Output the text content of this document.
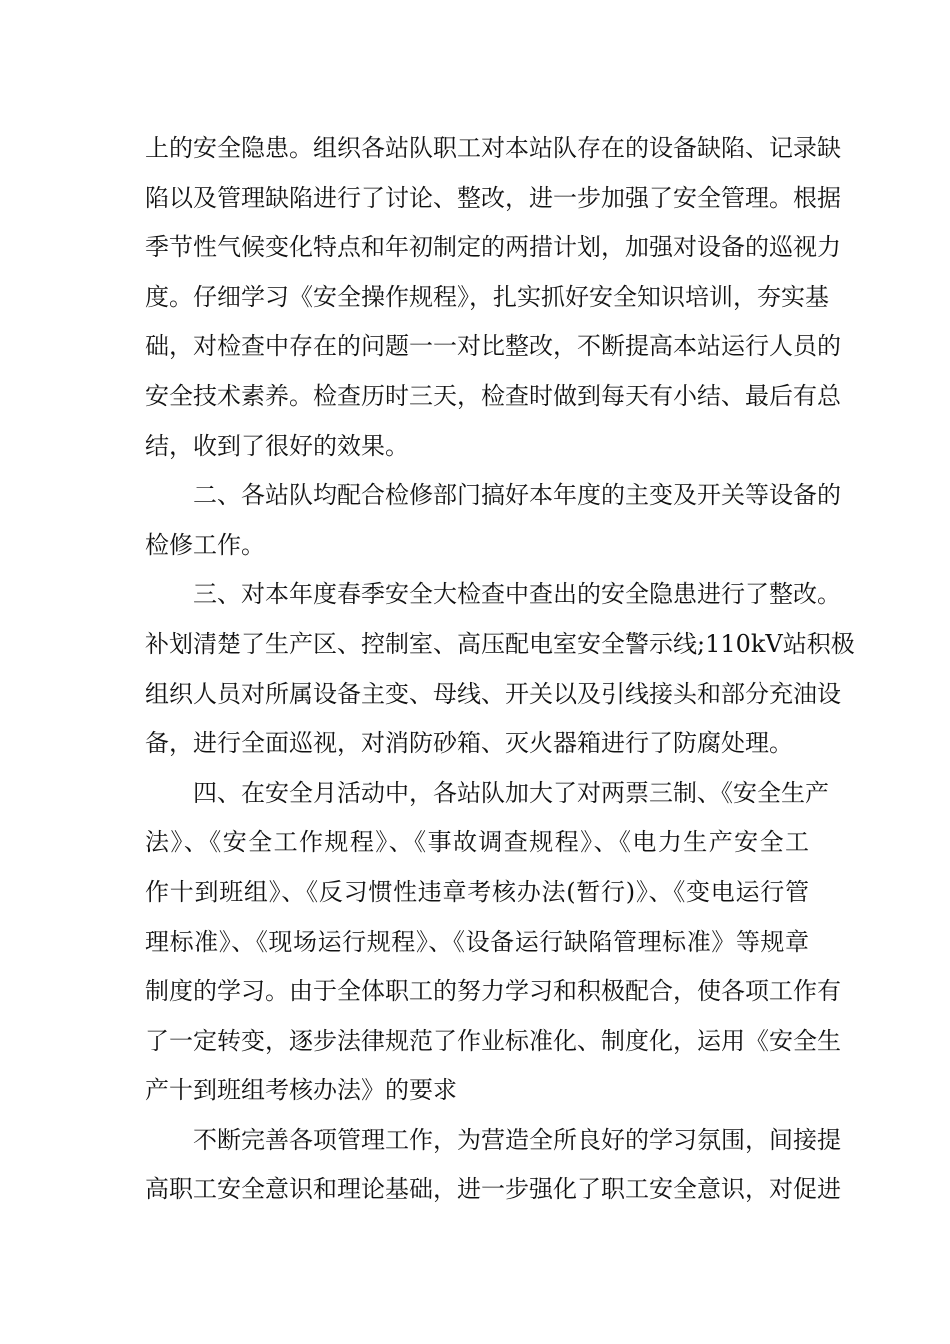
上的安全隐患。组织各站队职工对本站队存在的设备缺陷、记录缺
陷以及管理缺陷进行了讨论、整改，进一步加强了安全管理。根据
季节性气候变化特点和年初制定的两措计划，加强对设备的巡视力
度。仔细学习《安全操作规程》，扎实抓好安全知识培训，夯实基
础，对检查中存在的问题一一对比整改，不断提高本站运行人员的
安全技术素养。检查历时三天，检查时做到每天有小结、最后有总
结，收到了很好的效果。
二、各站队均配合检修部门搞好本年度的主变及开关等设备的
检修工作。
三、对本年度春季安全大检查中查出的安全隐患进行了整改。
补划清楚了生产区、控制室、高压配电室安全警示线;110kV站积极
组织人员对所属设备主变、母线、开关以及引线接头和部分充油设
备，进行全面巡视，对消防砂箱、灭火器箱进行了防腐处理。
四、在安全月活动中，各站队加大了对两票三制、《安全生产
法》、《安全工作规程》、《事故调查规程》、《电力生产安全工
作十到班组》、《反习惯性违章考核办法(暂行)》、《变电运行管
理标准》、《现场运行规程》、《设备运行缺陷管理标准》等规章
制度的学习。由于全体职工的努力学习和积极配合，使各项工作有
了一定转变，逐步法律规范了作业标准化、制度化，运用《安全生
产十到班组考核办法》的要求
不断完善各项管理工作，为营造全所良好的学习氛围，间接提
高职工安全意识和理论基础，进一步强化了职工安全意识，对促进
